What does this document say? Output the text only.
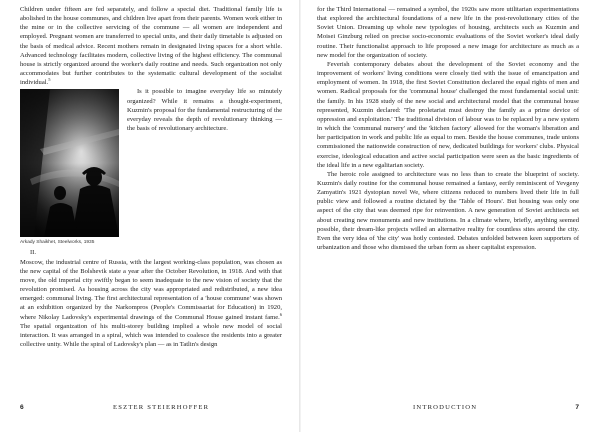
Children under fifteen are fed separately, and follow a special diet. Traditional family life is abolished in the house communes, and children live apart from their parents. Women work either in the mine or in the collective servicing of the commune — all women are independent and employed. Pregnant women are transferred to special units, and their daily timetable is adjusted on the basis of medical advice. Recent mothers remain in designated living spaces for a short while. Advanced technology facilitates modern, collective living of the highest efficiency. The communal house is strictly organized around the worker's daily routine and needs. Such organization not only accommodates but further contributes to the systematic cultural development of the socialist individual.$^5$

Arkady Shaikhet, Steelworks, 1935

Is it possible to imagine everyday life so minutely organized? While it remains a thought-experiment, Kuzmin's proposal for the fundamental restructuring of the everyday reveals the depth of revolutionary thinking — the basis of revolutionary architecture.

II.

Moscow, the industrial centre of Russia, with the largest working-class population, was chosen as the new capital of the Bolshevik state a year after the October Revolution, in 1918. And with that move, the old imperial city swiftly began to seem inadequate to the new vision of society that the revolution promised. As housing across the city was appropriated and redistributed, a new idea emerged: communal living. The first architectural representation of a 'house commune' was shown at an exhibition organized by the Narkompros (People's Commissariat for Education) in 1920, where Nikolay Ladovsky's experimental drawings of the Communal House gained instant fame.$^6$ The spatial organization of his multi-storey building implied a whole new model of social interaction. It was arranged in a spiral, which was intended to coalesce the residents into a greater collective unity. While the spiral of Ladovsky's plan — as in Tatlin's design

6	ESZTER STEIERHOFFER

for the Third International — remained a symbol, the 1920s saw more utilitarian experimentations that explored the architectural foundations of a new life in the post-revolutionary cities of the Soviet Union. Dreaming up whole new typologies of housing, architects such as Kuzmin and Moisei Ginzburg relied on precise socio-economic evaluations of the Soviet worker's ideal daily routine. Their functionalist approach to life proposed a new image for architecture as much as a new model for the organization of society.

Feverish contemporary debates about the development of the Soviet economy and the improvement of workers' living conditions were closely tied with the issue of emancipation and employment of women. In 1918, the first Soviet Constitution declared the equal rights of men and women. Radical proposals for the 'communal house' challenged the most fundamental social unit: the family. In his 1928 study of the new social and architectural model that the communal house represented, Kuzmin declared: 'The proletariat must destroy the family as a prime device of oppression and exploitation.' The traditional division of labour was to be replaced by a new system in which the 'communal nursery' and the 'kitchen factory' allowed for the woman's liberation and her participation in work and public life as equal to men. Beside the house communes, trade unions commissioned the nationwide construction of new, dedicated buildings for workers' clubs. Physical exercise, ideological education and active social participation were seen as the basic ingredients of the ideal life in a new egalitarian society.

The heroic role assigned to architecture was no less than to create the blueprint of society. Kuzmin's daily routine for the communal house remained a fantasy, eerily reminiscent of Yevgeny Zamyatin's 1921 dystopian novel We, where citizens reduced to numbers lived their life in full public view and followed a routine dictated by the 'Table of Hours'. But housing was only one aspect of the city that was deemed ripe for reinvention. A new generation of Soviet architects set about creating new monuments and new institutions. In a climate where, briefly, anything seemed possible, their dream-like projects willed an alternative reality for countless sites around the city. Even the very idea of 'the city' was hotly contested. Debates unfolded between keen supporters of urbanization and those who dismissed the urban form as sheer capitalist expression.

INTRODUCTION	7
